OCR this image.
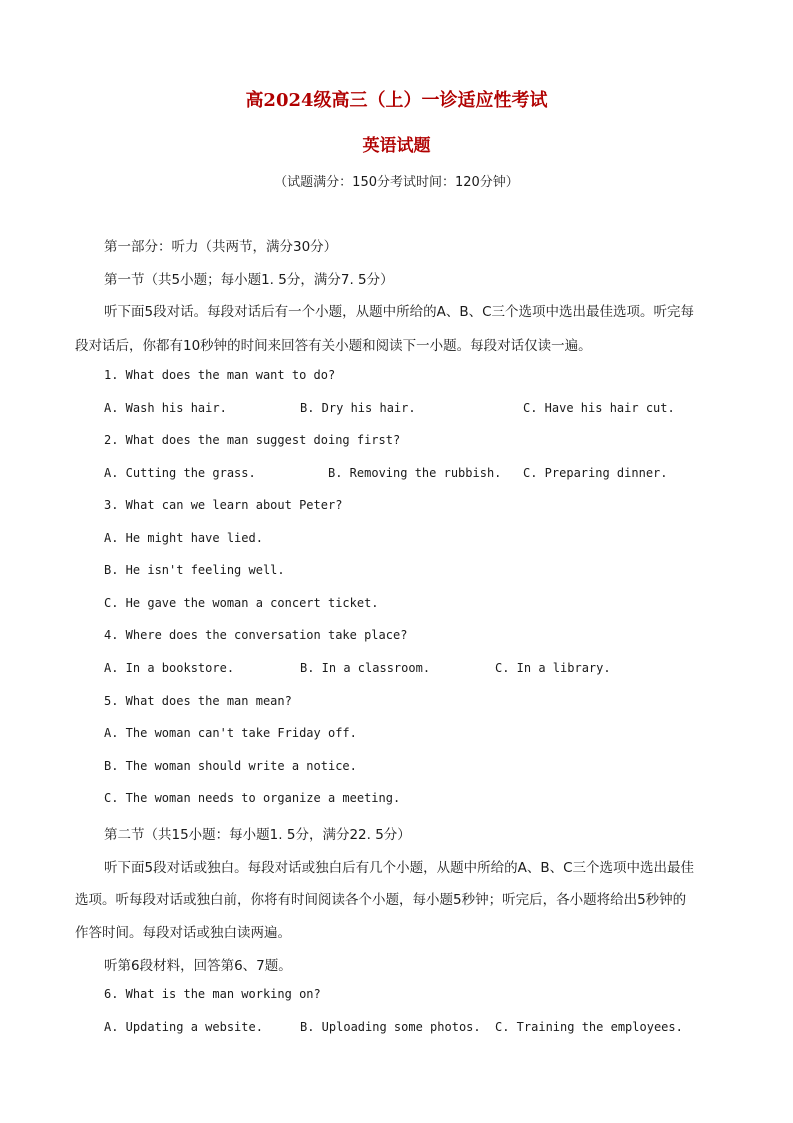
高2024级高三（上）一诊适应性考试
英语试题
（试题满分：150分考试时间：120分钟）
第一部分：听力（共两节，满分30分）
第一节（共5小题；每小题1. 5分，满分7. 5分）
听下面5段对话。每段对话后有一个小题，从题中所给的A、B、C三个选项中选出最佳选项。听完每
段对话后，你都有10秒钟的时间来回答有关小题和阅读下一小题。每段对话仅读一遍。
1. What does the man want to do?
A. Wash his hair.	B. Dry his hair.	C. Have his hair cut.
2. What does the man suggest doing first?
A. Cutting the grass.	B. Removing the rubbish. C. Preparing dinner.
3. What can we learn about Peter?
A. He might have lied.
B. He isn't feeling well.
C. He gave the woman a concert ticket.
4. Where does the conversation take place?
A. In a bookstore.	B. In a classroom.	C. In a library.
5. What does the man mean?
A. The woman can't take Friday off.
B. The woman should write a notice.
C. The woman needs to organize a meeting.
第二节（共15小题：每小题1. 5分，满分22. 5分）
听下面5段对话或独白。每段对话或独白后有几个小题，从题中所给的A、B、C三个选项中选出最佳
选项。听每段对话或独白前，你将有时间阅读各个小题，每小题5秒钟；听完后，各小题将给出5秒钟的
作答时间。每段对话或独白读两遍。
听第6段材料，回答第6、7题。
6. What is the man working on?
A. Updating a website.	B. Uploading some photos. C. Training the employees.
